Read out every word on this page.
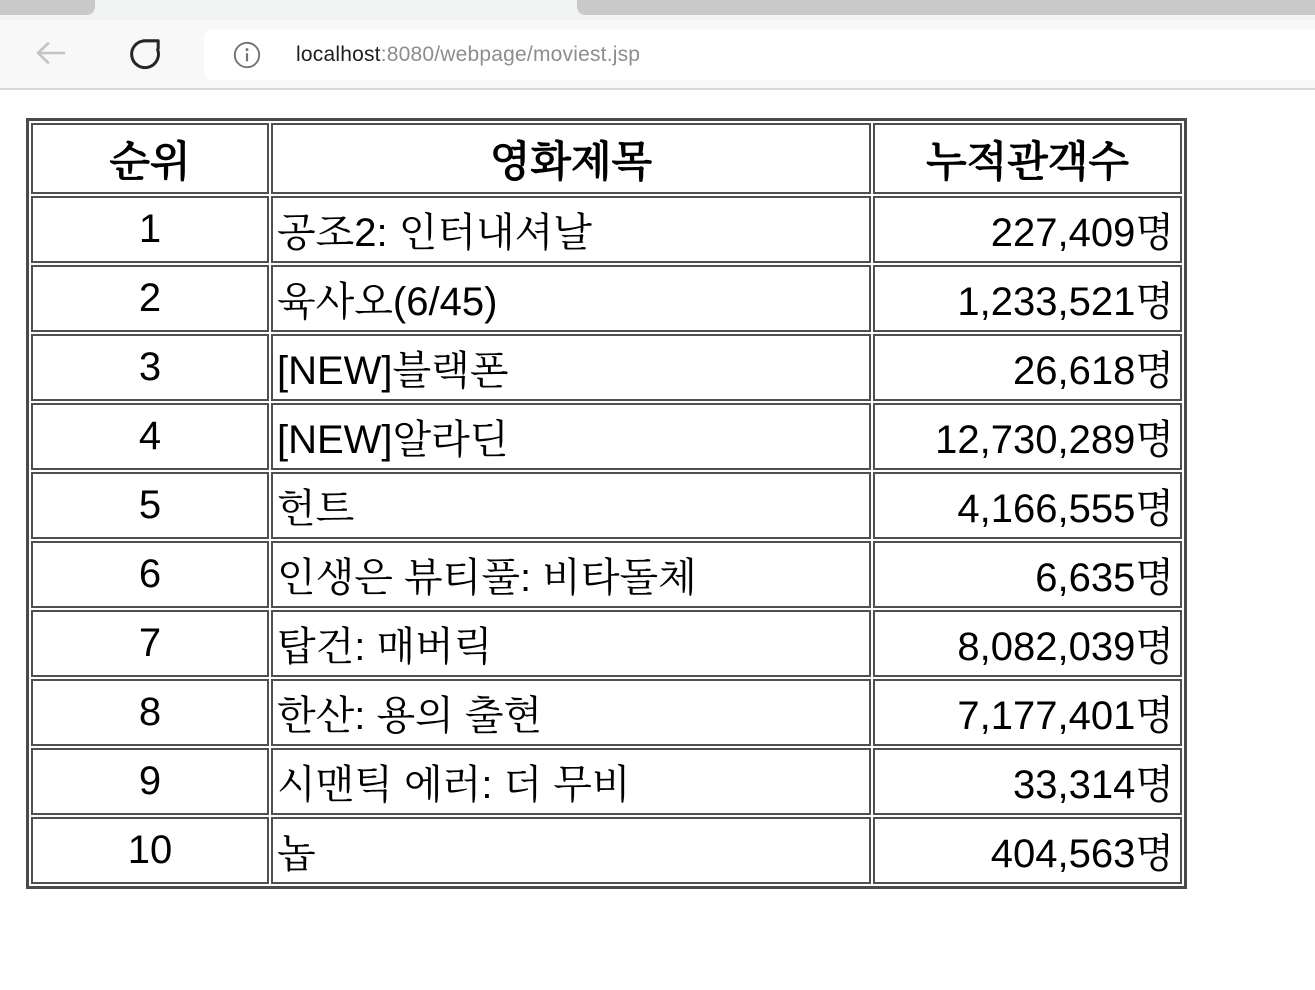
localhost:8080/webpage/moviest.jsp
순위	영화제목	누적관객수
1	공조2: 인터내셔날	227,409명
2	육사오(6/45)	1,233,521명
3	[NEW]블랙폰	26,618명
4	[NEW]알라딘	12,730,289명
5	헌트	4,166,555명
6	인생은 뷰티풀: 비타돌체	6,635명
7	탑건: 매버릭	8,082,039명
8	한산: 용의 출현	7,177,401명
9	시맨틱 에러: 더 무비	33,314명
10	놉	404,563명
